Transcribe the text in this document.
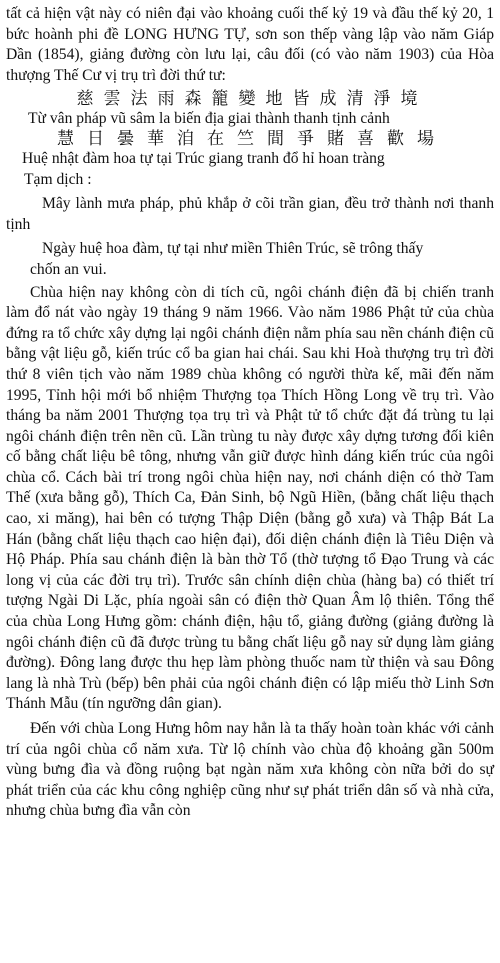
tất cả hiện vật này có niên đại vào khoảng cuối thế kỷ 19 và đầu thế kỷ 20, 1 bức hoành phi đề LONG HƯNG TỰ, sơn son thếp vàng lập vào năm Giáp Dần (1854), giảng đường còn lưu lại, câu đối (có vào năm 1903) của Hòa thượng Thế Cư vị trụ trì đời thứ tư:

慈雲法雨森籠變地皆成清淨境

Từ vân pháp vũ sâm la biến địa giai thành thanh tịnh cảnh

慧日曇華洎在竺間爭賭喜歡場

Huệ nhật đàm hoa tự tại Trúc giang tranh đổ hỉ hoan tràng

Tạm dịch :

Mây lành mưa pháp, phủ khắp ở cõi trần gian, đều trở thành nơi thanh tịnh

Ngày huệ hoa đàm, tự tại như miền Thiên Trúc, sẽ trông thấy

chốn an vui.

Chùa hiện nay không còn di tích cũ, ngôi chánh điện đã bị chiến tranh làm đổ nát vào ngày 19 tháng 9 năm 1966. Vào năm 1986 Phật tử của chùa đứng ra tổ chức xây dựng lại ngôi chánh điện nằm phía sau nền chánh điện cũ bằng vật liệu gỗ, kiến trúc cổ ba gian hai chái. Sau khi Hoà thượng trụ trì đời thứ 8 viên tịch vào năm 1989 chùa không có người thừa kế, mãi đến năm 1995, Tỉnh hội mới bổ nhiệm Thượng tọa Thích Hồng Long về trụ trì. Vào tháng ba năm 2001 Thượng tọa trụ trì và Phật tử tổ chức đặt đá trùng tu lại ngôi chánh điện trên nền cũ. Lần trùng tu này được xây dựng tương đối kiên cố bằng chất liệu bê tông, nhưng vẫn giữ được hình dáng kiến trúc của ngôi chùa cổ. Cách bài trí trong ngôi chùa hiện nay, nơi chánh diện có thờ Tam Thế (xưa bằng gỗ), Thích Ca, Đản Sinh, bộ Ngũ Hiền, (bằng chất liệu thạch cao, xi măng), hai bên có tượng Thập Diện (bằng gỗ xưa) và Thập Bát La Hán (bằng chất liệu thạch cao hiện đại), đối diện chánh điện là Tiêu Diện và Hộ Pháp. Phía sau chánh điện là bàn thờ Tổ (thờ tượng tổ Đạo Trung và các long vị của các đời trụ trì). Trước sân chính diện chùa (hàng ba) có thiết trí tượng Ngài Di Lặc, phía ngoài sân có điện thờ Quan Âm lộ thiên. Tổng thể của chùa Long Hưng gồm: chánh điện, hậu tổ, giảng đường (giảng đường là ngôi chánh điện cũ đã được trùng tu bằng chất liệu gỗ nay sử dụng làm giảng đường). Đông lang được thu hẹp làm phòng thuốc nam từ thiện và sau Đông lang là nhà Trù (bếp) bên phải của ngôi chánh điện có lập miếu thờ Linh Sơn Thánh Mẫu (tín ngưỡng dân gian).

Đến với chùa Long Hưng hôm nay hẳn là ta thấy hoàn toàn khác với cảnh trí của ngôi chùa cổ năm xưa. Từ lộ chính vào chùa độ khoảng gần 500m vùng bưng đìa và đồng ruộng bạt ngàn năm xưa không còn nữa bởi do sự phát triển của các khu công nghiệp cũng như sự phát triển dân số và nhà cửa, nhưng chùa bưng đìa vẫn còn
